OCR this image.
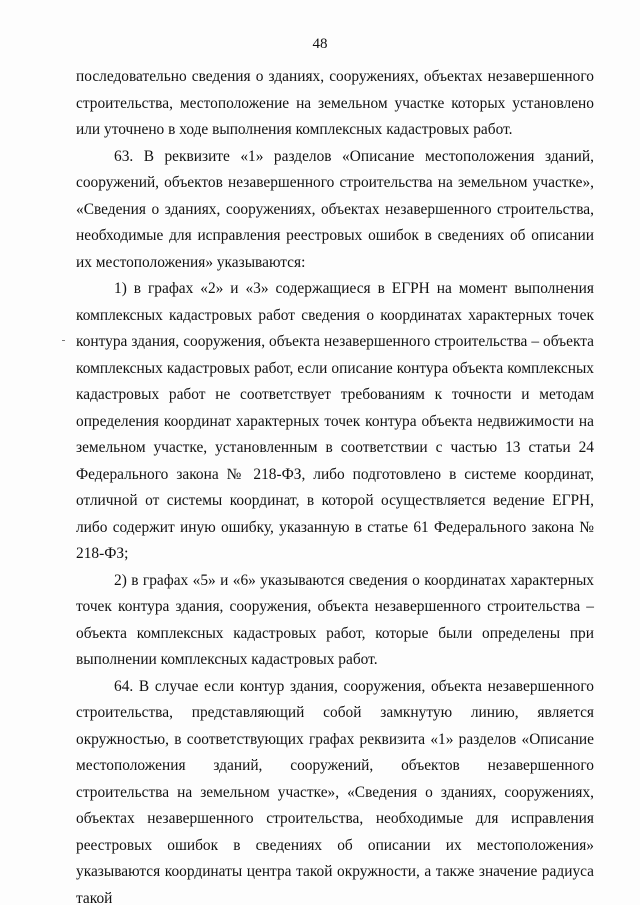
48

последовательно сведения о зданиях, сооружениях, объектах незавершенного строительства, местоположение на земельном участке которых установлено или уточнено в ходе выполнения комплексных кадастровых работ.

63. В реквизите «1» разделов «Описание местоположения зданий, сооружений, объектов незавершенного строительства на земельном участке», «Сведения о зданиях, сооружениях, объектах незавершенного строительства, необходимые для исправления реестровых ошибок в сведениях об описании их местоположения» указываются:

1) в графах «2» и «3» содержащиеся в ЕГРН на момент выполнения комплексных кадастровых работ сведения о координатах характерных точек контура здания, сооружения, объекта незавершенного строительства – объекта комплексных кадастровых работ, если описание контура объекта комплексных кадастровых работ не соответствует требованиям к точности и методам определения координат характерных точек контура объекта недвижимости на земельном участке, установленным в соответствии с частью 13 статьи 24 Федерального закона № 218-ФЗ, либо подготовлено в системе координат, отличной от системы координат, в которой осуществляется ведение ЕГРН, либо содержит иную ошибку, указанную в статье 61 Федерального закона № 218-ФЗ;

2) в графах «5» и «6» указываются сведения о координатах характерных точек контура здания, сооружения, объекта незавершенного строительства – объекта комплексных кадастровых работ, которые были определены при выполнении комплексных кадастровых работ.

64. В случае если контур здания, сооружения, объекта незавершенного строительства, представляющий собой замкнутую линию, является окружностью, в соответствующих графах реквизита «1» разделов «Описание местоположения зданий, сооружений, объектов незавершенного строительства на земельном участке», «Сведения о зданиях, сооружениях, объектах незавершенного строительства, необходимые для исправления реестровых ошибок в сведениях об описании их местоположения» указываются координаты центра такой окружности, а также значение радиуса такой
